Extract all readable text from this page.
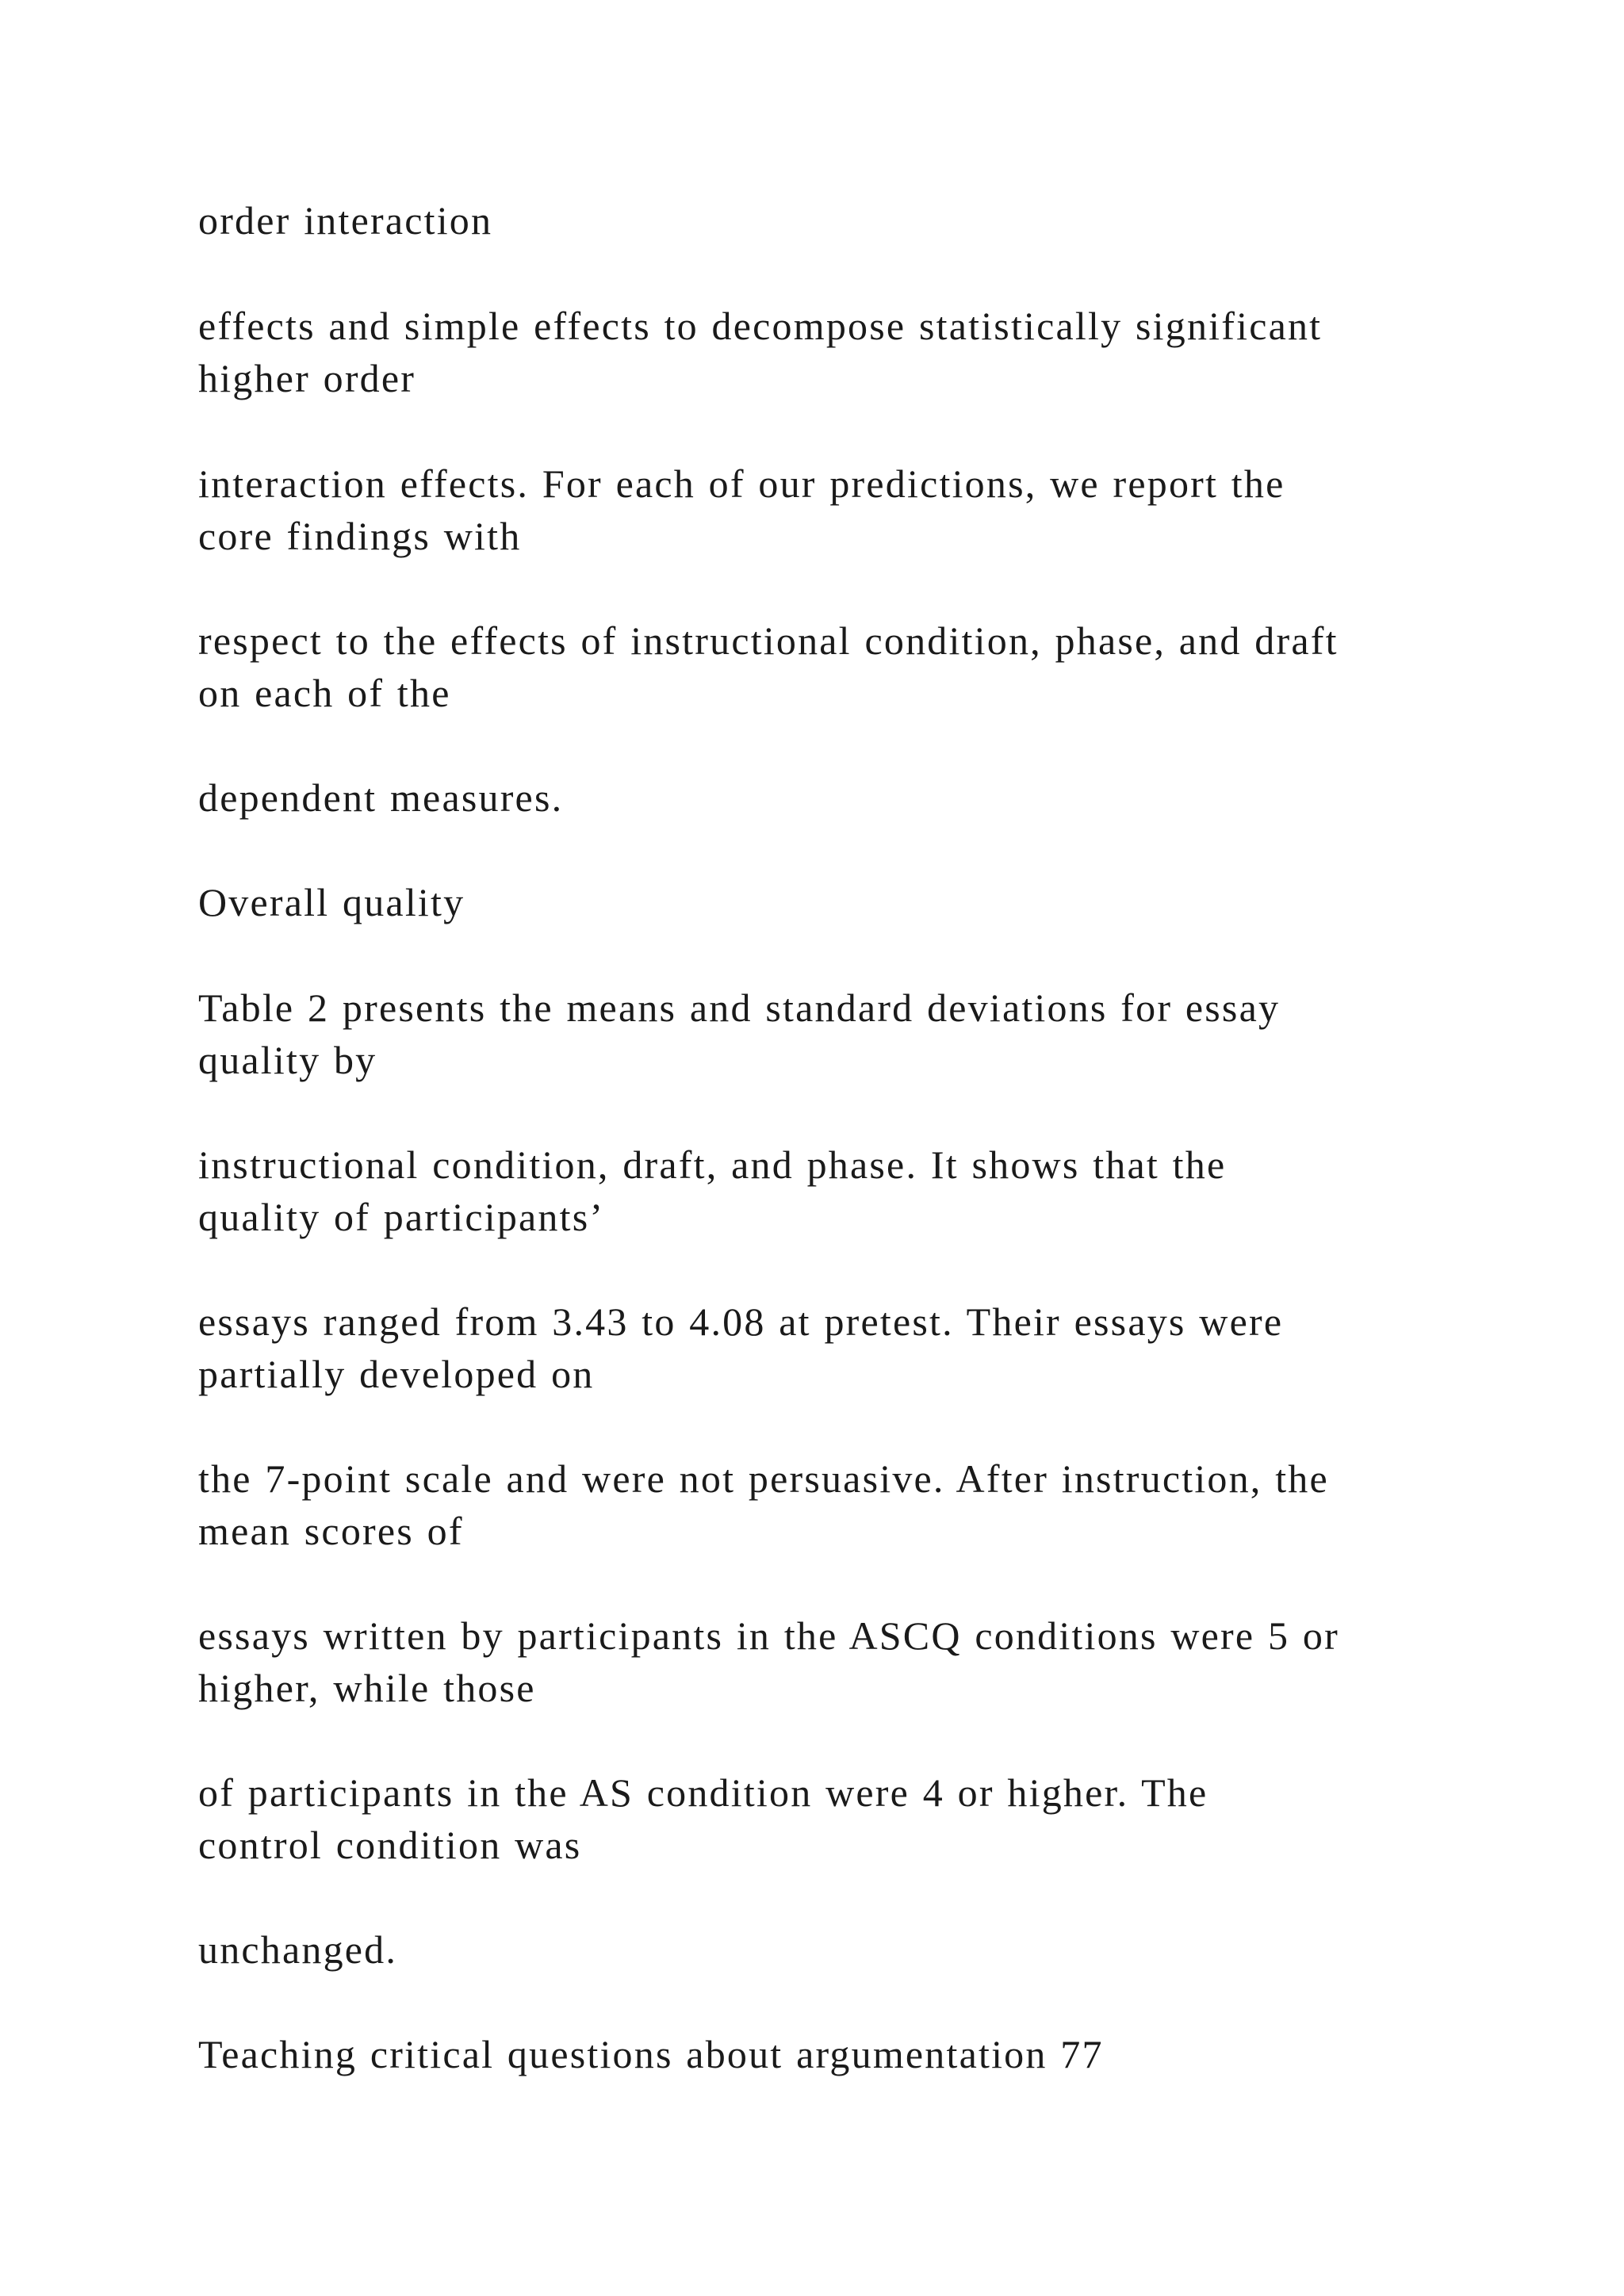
order interaction
effects and simple effects to decompose statistically significant
higher order
interaction effects. For each of our predictions, we report the
core findings with
respect to the effects of instructional condition, phase, and draft
on each of the
dependent measures.
Overall quality
Table 2 presents the means and standard deviations for essay
quality by
instructional condition, draft, and phase. It shows that the
quality of participants’
essays ranged from 3.43 to 4.08 at pretest. Their essays were
partially developed on
the 7-point scale and were not persuasive. After instruction, the
mean scores of
essays written by participants in the ASCQ conditions were 5 or
higher, while those
of participants in the AS condition were 4 or higher. The
control condition was
unchanged.
Teaching critical questions about argumentation 77
